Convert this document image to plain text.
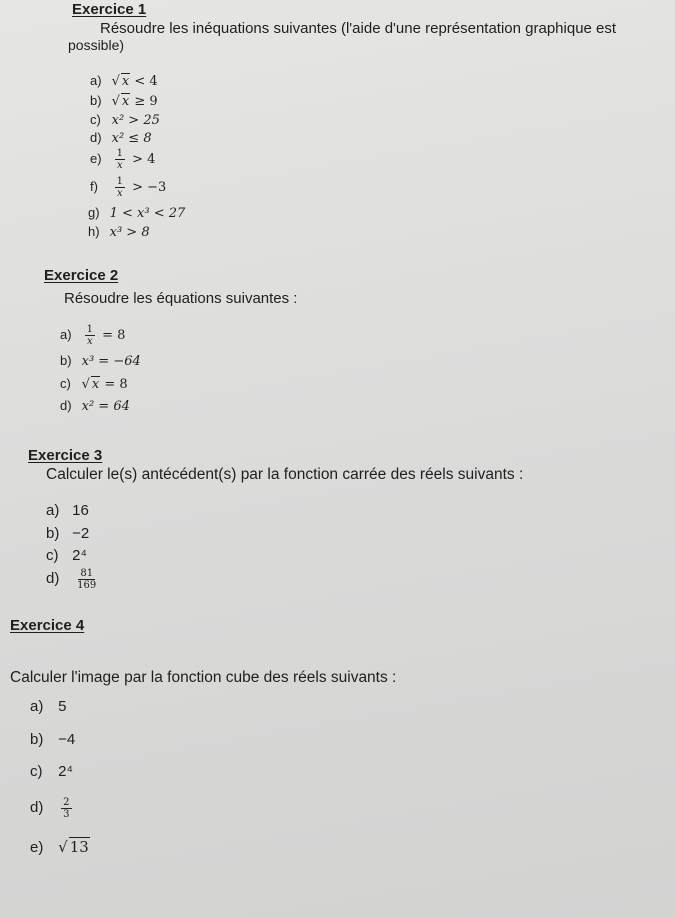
Exercice 1
Résoudre les inéquations suivantes (l'aide d'une représentation graphique est
possible)
a) √ x < 4
b) √ x ≥ 9
c) x² > 25
d) x² ≤ 8
$e) \frac{1}{x} > 4$
$f) \frac{1}{x} > -3$
g) 1 < x³ < 27
h) x³ > 8
Exercice 2
Résoudre les équations suivantes :
$a) \frac{1}{x} = 8$
b) x³ = −64
c) √ x = 8
d) x² = 64
Exercice 3
Calculer le(s) antécédent(s) par la fonction carrée des réels suivants :
a) 16
b) −2
c) 2⁴
$d) \frac{81}{169}$
Exercice 4
Calculer l'image par la fonction cube des réels suivants :
a) 5
b) −4
c) 2⁴
$d) \frac{2}{3}$
e) √ 13
